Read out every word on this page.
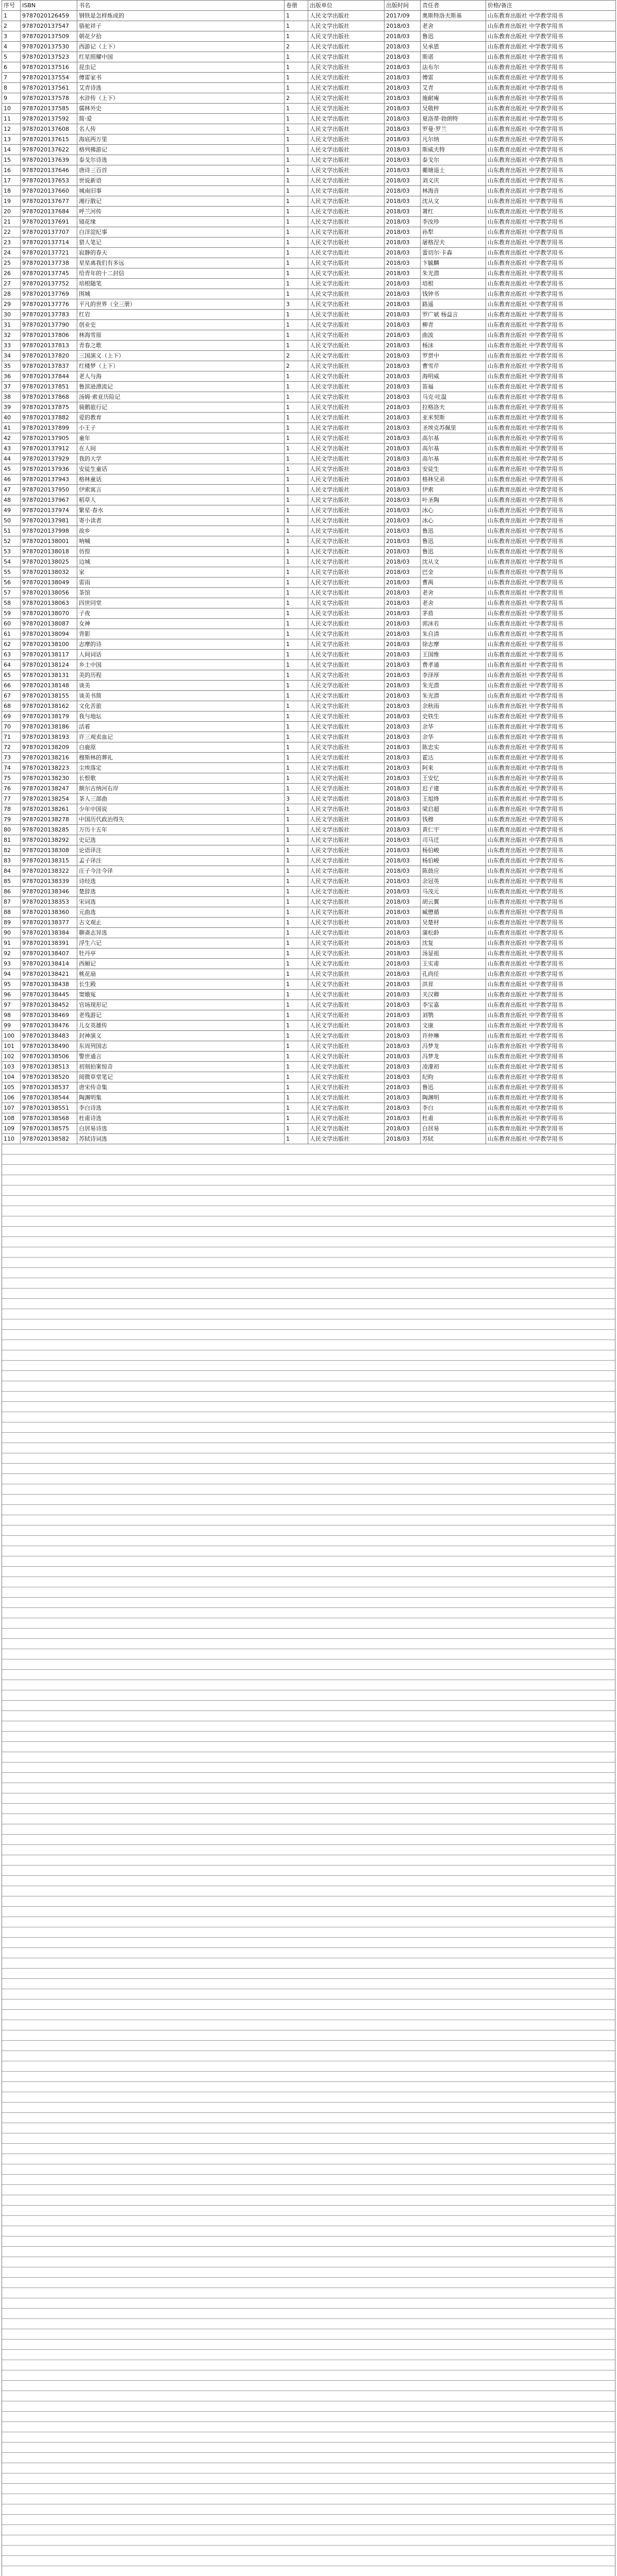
序号	ISBN	书名	卷册	出版单位	出版时间	责任者	价格/备注
1	9787020126459	钢铁是怎样炼成的	1	人民文学出版社	2017/09	奥斯特洛夫斯基	山东教育出版社 中学教学用书
2	9787020137547	骆驼祥子	1	人民文学出版社	2018/03	老舍	山东教育出版社 中学教学用书
3	9787020137509	朝花夕拾	1	人民文学出版社	2018/03	鲁迅	山东教育出版社 中学教学用书
4	9787020137530	西游记（上下）	2	人民文学出版社	2018/03	吴承恩	山东教育出版社 中学教学用书
5	9787020137523	红星照耀中国	1	人民文学出版社	2018/03	斯诺	山东教育出版社 中学教学用书
6	9787020137516	昆虫记	1	人民文学出版社	2018/03	法布尔	山东教育出版社 中学教学用书
7	9787020137554	傅雷家书	1	人民文学出版社	2018/03	傅雷	山东教育出版社 中学教学用书
8	9787020137561	艾青诗选	1	人民文学出版社	2018/03	艾青	山东教育出版社 中学教学用书
9	9787020137578	水浒传（上下）	2	人民文学出版社	2018/03	施耐庵	山东教育出版社 中学教学用书
10	9787020137585	儒林外史	1	人民文学出版社	2018/03	吴敬梓	山东教育出版社 中学教学用书
11	9787020137592	简·爱	1	人民文学出版社	2018/03	夏洛蒂·勃朗特	山东教育出版社 中学教学用书
12	9787020137608	名人传	1	人民文学出版社	2018/03	罗曼·罗兰	山东教育出版社 中学教学用书
13	9787020137615	海底两万里	1	人民文学出版社	2018/03	凡尔纳	山东教育出版社 中学教学用书
14	9787020137622	格列佛游记	1	人民文学出版社	2018/03	斯威夫特	山东教育出版社 中学教学用书
15	9787020137639	泰戈尔诗选	1	人民文学出版社	2018/03	泰戈尔	山东教育出版社 中学教学用书
16	9787020137646	唐诗三百首	1	人民文学出版社	2018/03	蘅塘退士	山东教育出版社 中学教学用书
17	9787020137653	世说新语	1	人民文学出版社	2018/03	刘义庆	山东教育出版社 中学教学用书
18	9787020137660	城南旧事	1	人民文学出版社	2018/03	林海音	山东教育出版社 中学教学用书
19	9787020137677	湘行散记	1	人民文学出版社	2018/03	沈从文	山东教育出版社 中学教学用书
20	9787020137684	呼兰河传	1	人民文学出版社	2018/03	萧红	山东教育出版社 中学教学用书
21	9787020137691	镜花缘	1	人民文学出版社	2018/03	李汝珍	山东教育出版社 中学教学用书
22	9787020137707	白洋淀纪事	1	人民文学出版社	2018/03	孙犁	山东教育出版社 中学教学用书
23	9787020137714	猎人笔记	1	人民文学出版社	2018/03	屠格涅夫	山东教育出版社 中学教学用书
24	9787020137721	寂静的春天	1	人民文学出版社	2018/03	蕾切尔·卡森	山东教育出版社 中学教学用书
25	9787020137738	星星离我们有多远	1	人民文学出版社	2018/03	卞毓麟	山东教育出版社 中学教学用书
26	9787020137745	给青年的十二封信	1	人民文学出版社	2018/03	朱光潜	山东教育出版社 中学教学用书
27	9787020137752	培根随笔	1	人民文学出版社	2018/03	培根	山东教育出版社 中学教学用书
28	9787020137769	围城	1	人民文学出版社	2018/03	钱钟书	山东教育出版社 中学教学用书
29	9787020137776	平凡的世界（全三册）	3	人民文学出版社	2018/03	路遥	山东教育出版社 中学教学用书
30	9787020137783	红岩	1	人民文学出版社	2018/03	罗广斌 杨益言	山东教育出版社 中学教学用书
31	9787020137790	创业史	1	人民文学出版社	2018/03	柳青	山东教育出版社 中学教学用书
32	9787020137806	林海雪原	1	人民文学出版社	2018/03	曲波	山东教育出版社 中学教学用书
33	9787020137813	青春之歌	1	人民文学出版社	2018/03	杨沫	山东教育出版社 中学教学用书
34	9787020137820	三国演义（上下）	2	人民文学出版社	2018/03	罗贯中	山东教育出版社 中学教学用书
35	9787020137837	红楼梦（上下）	2	人民文学出版社	2018/03	曹雪芹	山东教育出版社 中学教学用书
36	9787020137844	老人与海	1	人民文学出版社	2018/03	海明威	山东教育出版社 中学教学用书
37	9787020137851	鲁滨逊漂流记	1	人民文学出版社	2018/03	笛福	山东教育出版社 中学教学用书
38	9787020137868	汤姆·索亚历险记	1	人民文学出版社	2018/03	马克·吐温	山东教育出版社 中学教学用书
39	9787020137875	骑鹅旅行记	1	人民文学出版社	2018/03	拉格洛夫	山东教育出版社 中学教学用书
40	9787020137882	爱的教育	1	人民文学出版社	2018/03	亚米契斯	山东教育出版社 中学教学用书
41	9787020137899	小王子	1	人民文学出版社	2018/03	圣埃克苏佩里	山东教育出版社 中学教学用书
42	9787020137905	童年	1	人民文学出版社	2018/03	高尔基	山东教育出版社 中学教学用书
43	9787020137912	在人间	1	人民文学出版社	2018/03	高尔基	山东教育出版社 中学教学用书
44	9787020137929	我的大学	1	人民文学出版社	2018/03	高尔基	山东教育出版社 中学教学用书
45	9787020137936	安徒生童话	1	人民文学出版社	2018/03	安徒生	山东教育出版社 中学教学用书
46	9787020137943	格林童话	1	人民文学出版社	2018/03	格林兄弟	山东教育出版社 中学教学用书
47	9787020137950	伊索寓言	1	人民文学出版社	2018/03	伊索	山东教育出版社 中学教学用书
48	9787020137967	稻草人	1	人民文学出版社	2018/03	叶圣陶	山东教育出版社 中学教学用书
49	9787020137974	繁星·春水	1	人民文学出版社	2018/03	冰心	山东教育出版社 中学教学用书
50	9787020137981	寄小读者	1	人民文学出版社	2018/03	冰心	山东教育出版社 中学教学用书
51	9787020137998	故乡	1	人民文学出版社	2018/03	鲁迅	山东教育出版社 中学教学用书
52	9787020138001	呐喊	1	人民文学出版社	2018/03	鲁迅	山东教育出版社 中学教学用书
53	9787020138018	彷徨	1	人民文学出版社	2018/03	鲁迅	山东教育出版社 中学教学用书
54	9787020138025	边城	1	人民文学出版社	2018/03	沈从文	山东教育出版社 中学教学用书
55	9787020138032	家	1	人民文学出版社	2018/03	巴金	山东教育出版社 中学教学用书
56	9787020138049	雷雨	1	人民文学出版社	2018/03	曹禺	山东教育出版社 中学教学用书
57	9787020138056	茶馆	1	人民文学出版社	2018/03	老舍	山东教育出版社 中学教学用书
58	9787020138063	四世同堂	1	人民文学出版社	2018/03	老舍	山东教育出版社 中学教学用书
59	9787020138070	子夜	1	人民文学出版社	2018/03	茅盾	山东教育出版社 中学教学用书
60	9787020138087	女神	1	人民文学出版社	2018/03	郭沫若	山东教育出版社 中学教学用书
61	9787020138094	背影	1	人民文学出版社	2018/03	朱自清	山东教育出版社 中学教学用书
62	9787020138100	志摩的诗	1	人民文学出版社	2018/03	徐志摩	山东教育出版社 中学教学用书
63	9787020138117	人间词话	1	人民文学出版社	2018/03	王国维	山东教育出版社 中学教学用书
64	9787020138124	乡土中国	1	人民文学出版社	2018/03	费孝通	山东教育出版社 中学教学用书
65	9787020138131	美的历程	1	人民文学出版社	2018/03	李泽厚	山东教育出版社 中学教学用书
66	9787020138148	谈美	1	人民文学出版社	2018/03	朱光潜	山东教育出版社 中学教学用书
67	9787020138155	谈美书简	1	人民文学出版社	2018/03	朱光潜	山东教育出版社 中学教学用书
68	9787020138162	文化苦旅	1	人民文学出版社	2018/03	余秋雨	山东教育出版社 中学教学用书
69	9787020138179	我与地坛	1	人民文学出版社	2018/03	史铁生	山东教育出版社 中学教学用书
70	9787020138186	活着	1	人民文学出版社	2018/03	余华	山东教育出版社 中学教学用书
71	9787020138193	许三观卖血记	1	人民文学出版社	2018/03	余华	山东教育出版社 中学教学用书
72	9787020138209	白鹿原	1	人民文学出版社	2018/03	陈忠实	山东教育出版社 中学教学用书
73	9787020138216	穆斯林的葬礼	1	人民文学出版社	2018/03	霍达	山东教育出版社 中学教学用书
74	9787020138223	尘埃落定	1	人民文学出版社	2018/03	阿来	山东教育出版社 中学教学用书
75	9787020138230	长恨歌	1	人民文学出版社	2018/03	王安忆	山东教育出版社 中学教学用书
76	9787020138247	额尔古纳河右岸	1	人民文学出版社	2018/03	迟子建	山东教育出版社 中学教学用书
77	9787020138254	茶人三部曲	3	人民文学出版社	2018/03	王旭烽	山东教育出版社 中学教学用书
78	9787020138261	少年中国说	1	人民文学出版社	2018/03	梁启超	山东教育出版社 中学教学用书
79	9787020138278	中国历代政治得失	1	人民文学出版社	2018/03	钱穆	山东教育出版社 中学教学用书
80	9787020138285	万历十五年	1	人民文学出版社	2018/03	黄仁宇	山东教育出版社 中学教学用书
81	9787020138292	史记选	1	人民文学出版社	2018/03	司马迁	山东教育出版社 中学教学用书
82	9787020138308	论语译注	1	人民文学出版社	2018/03	杨伯峻	山东教育出版社 中学教学用书
83	9787020138315	孟子译注	1	人民文学出版社	2018/03	杨伯峻	山东教育出版社 中学教学用书
84	9787020138322	庄子今注今译	1	人民文学出版社	2018/03	陈鼓应	山东教育出版社 中学教学用书
85	9787020138339	诗经选	1	人民文学出版社	2018/03	余冠英	山东教育出版社 中学教学用书
86	9787020138346	楚辞选	1	人民文学出版社	2018/03	马茂元	山东教育出版社 中学教学用书
87	9787020138353	宋词选	1	人民文学出版社	2018/03	胡云翼	山东教育出版社 中学教学用书
88	9787020138360	元曲选	1	人民文学出版社	2018/03	臧懋循	山东教育出版社 中学教学用书
89	9787020138377	古文观止	1	人民文学出版社	2018/03	吴楚材	山东教育出版社 中学教学用书
90	9787020138384	聊斋志异选	1	人民文学出版社	2018/03	蒲松龄	山东教育出版社 中学教学用书
91	9787020138391	浮生六记	1	人民文学出版社	2018/03	沈复	山东教育出版社 中学教学用书
92	9787020138407	牡丹亭	1	人民文学出版社	2018/03	汤显祖	山东教育出版社 中学教学用书
93	9787020138414	西厢记	1	人民文学出版社	2018/03	王实甫	山东教育出版社 中学教学用书
94	9787020138421	桃花扇	1	人民文学出版社	2018/03	孔尚任	山东教育出版社 中学教学用书
95	9787020138438	长生殿	1	人民文学出版社	2018/03	洪昇	山东教育出版社 中学教学用书
96	9787020138445	窦娥冤	1	人民文学出版社	2018/03	关汉卿	山东教育出版社 中学教学用书
97	9787020138452	官场现形记	1	人民文学出版社	2018/03	李宝嘉	山东教育出版社 中学教学用书
98	9787020138469	老残游记	1	人民文学出版社	2018/03	刘鹗	山东教育出版社 中学教学用书
99	9787020138476	儿女英雄传	1	人民文学出版社	2018/03	文康	山东教育出版社 中学教学用书
100	9787020138483	封神演义	1	人民文学出版社	2018/03	许仲琳	山东教育出版社 中学教学用书
101	9787020138490	东周列国志	1	人民文学出版社	2018/03	冯梦龙	山东教育出版社 中学教学用书
102	9787020138506	警世通言	1	人民文学出版社	2018/03	冯梦龙	山东教育出版社 中学教学用书
103	9787020138513	初刻拍案惊奇	1	人民文学出版社	2018/03	凌濛初	山东教育出版社 中学教学用书
104	9787020138520	阅微草堂笔记	1	人民文学出版社	2018/03	纪昀	山东教育出版社 中学教学用书
105	9787020138537	唐宋传奇集	1	人民文学出版社	2018/03	鲁迅	山东教育出版社 中学教学用书
106	9787020138544	陶渊明集	1	人民文学出版社	2018/03	陶渊明	山东教育出版社 中学教学用书
107	9787020138551	李白诗选	1	人民文学出版社	2018/03	李白	山东教育出版社 中学教学用书
108	9787020138568	杜甫诗选	1	人民文学出版社	2018/03	杜甫	山东教育出版社 中学教学用书
109	9787020138575	白居易诗选	1	人民文学出版社	2018/03	白居易	山东教育出版社 中学教学用书
110	9787020138582	苏轼诗词选	1	人民文学出版社	2018/03	苏轼	山东教育出版社 中学教学用书
